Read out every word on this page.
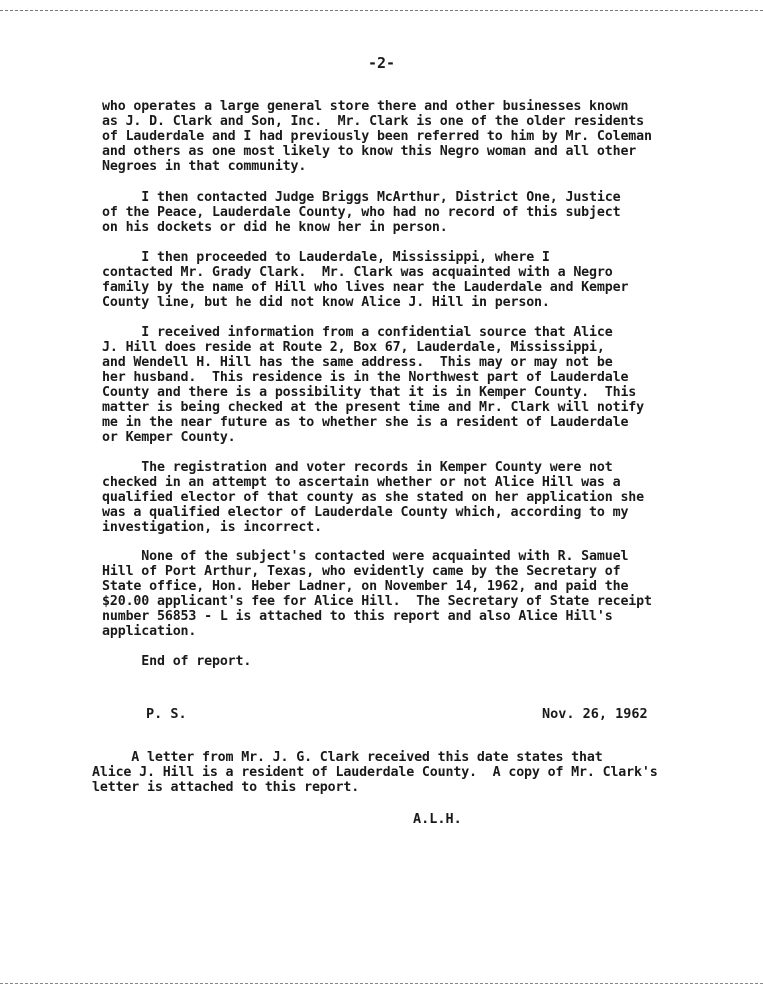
-2-
who operates a large general store there and other businesses known
as J. D. Clark and Son, Inc.  Mr. Clark is one of the older residents
of Lauderdale and I had previously been referred to him by Mr. Coleman
and others as one most likely to know this Negro woman and all other
Negroes in that community.
I then contacted Judge Briggs McArthur, District One, Justice
of the Peace, Lauderdale County, who had no record of this subject
on his dockets or did he know her in person.
I then proceeded to Lauderdale, Mississippi, where I
contacted Mr. Grady Clark.  Mr. Clark was acquainted with a Negro
family by the name of Hill who lives near the Lauderdale and Kemper
County line, but he did not know Alice J. Hill in person.
I received information from a confidential source that Alice
J. Hill does reside at Route 2, Box 67, Lauderdale, Mississippi,
and Wendell H. Hill has the same address.  This may or may not be
her husband.  This residence is in the Northwest part of Lauderdale
County and there is a possibility that it is in Kemper County.  This
matter is being checked at the present time and Mr. Clark will notify
me in the near future as to whether she is a resident of Lauderdale
or Kemper County.
The registration and voter records in Kemper County were not
checked in an attempt to ascertain whether or not Alice Hill was a
qualified elector of that county as she stated on her application she
was a qualified elector of Lauderdale County which, according to my
investigation, is incorrect.
None of the subject's contacted were acquainted with R. Samuel
Hill of Port Arthur, Texas, who evidently came by the Secretary of
State office, Hon. Heber Ladner, on November 14, 1962, and paid the
$20.00 applicant's fee for Alice Hill.  The Secretary of State receipt
number 56853 - L is attached to this report and also Alice Hill's
application.
End of report.
P. S.	Nov. 26, 1962
A letter from Mr. J. G. Clark received this date states that
Alice J. Hill is a resident of Lauderdale County.  A copy of Mr. Clark's
letter is attached to this report.
A.L.H.
